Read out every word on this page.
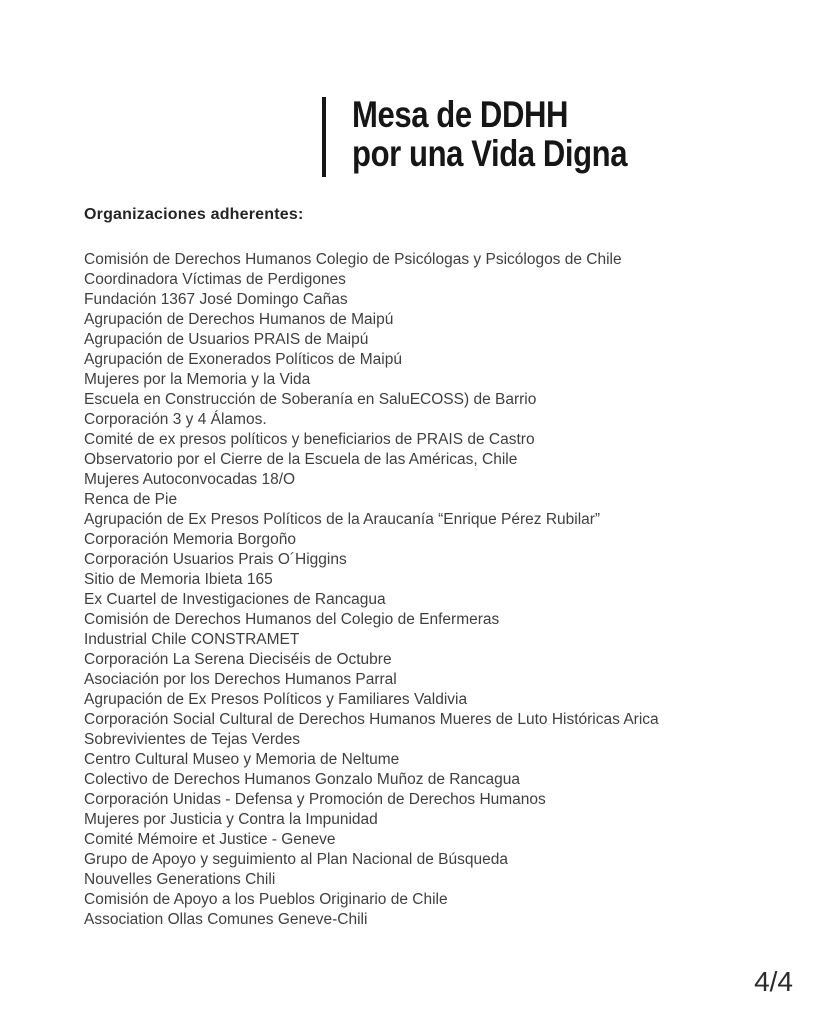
Mesa de DDHH
por una Vida Digna
Organizaciones adherentes:
Comisión de Derechos Humanos Colegio de Psicólogas y Psicólogos de Chile
Coordinadora Víctimas de Perdigones
Fundación 1367 José Domingo Cañas
Agrupación de Derechos Humanos de Maipú
Agrupación de Usuarios PRAIS de Maipú
Agrupación de Exonerados Políticos de Maipú
Mujeres por la Memoria y la Vida
Escuela en Construcción de Soberanía en SaluECOSS) de Barrio
Corporación 3 y 4 Álamos.
Comité de ex presos políticos y beneficiarios de PRAIS de Castro
Observatorio por el Cierre de la Escuela de las Américas, Chile
Mujeres Autoconvocadas 18/O
Renca de Pie
Agrupación de Ex Presos Políticos de la Araucanía “Enrique Pérez Rubilar”
Corporación Memoria Borgoño
Corporación Usuarios Prais O´Higgins
Sitio de Memoria Ibieta 165
Ex Cuartel de Investigaciones de Rancagua
Comisión de Derechos Humanos del Colegio de Enfermeras
Industrial Chile CONSTRAMET
Corporación La Serena Dieciséis de Octubre
Asociación por los Derechos Humanos Parral
Agrupación de Ex Presos Políticos y Familiares Valdivia
Corporación Social Cultural de Derechos Humanos Mueres de Luto Históricas Arica
Sobrevivientes de Tejas Verdes
Centro Cultural Museo y Memoria de Neltume
Colectivo de Derechos Humanos Gonzalo Muñoz de Rancagua
Corporación Unidas - Defensa y Promoción de Derechos Humanos
Mujeres por Justicia y Contra la Impunidad
Comité Mémoire et Justice - Geneve
Grupo de Apoyo y seguimiento al Plan Nacional de Búsqueda
Nouvelles Generations Chili
Comisión de Apoyo a los Pueblos Originario de Chile
Association Ollas Comunes Geneve-Chili
4/4
